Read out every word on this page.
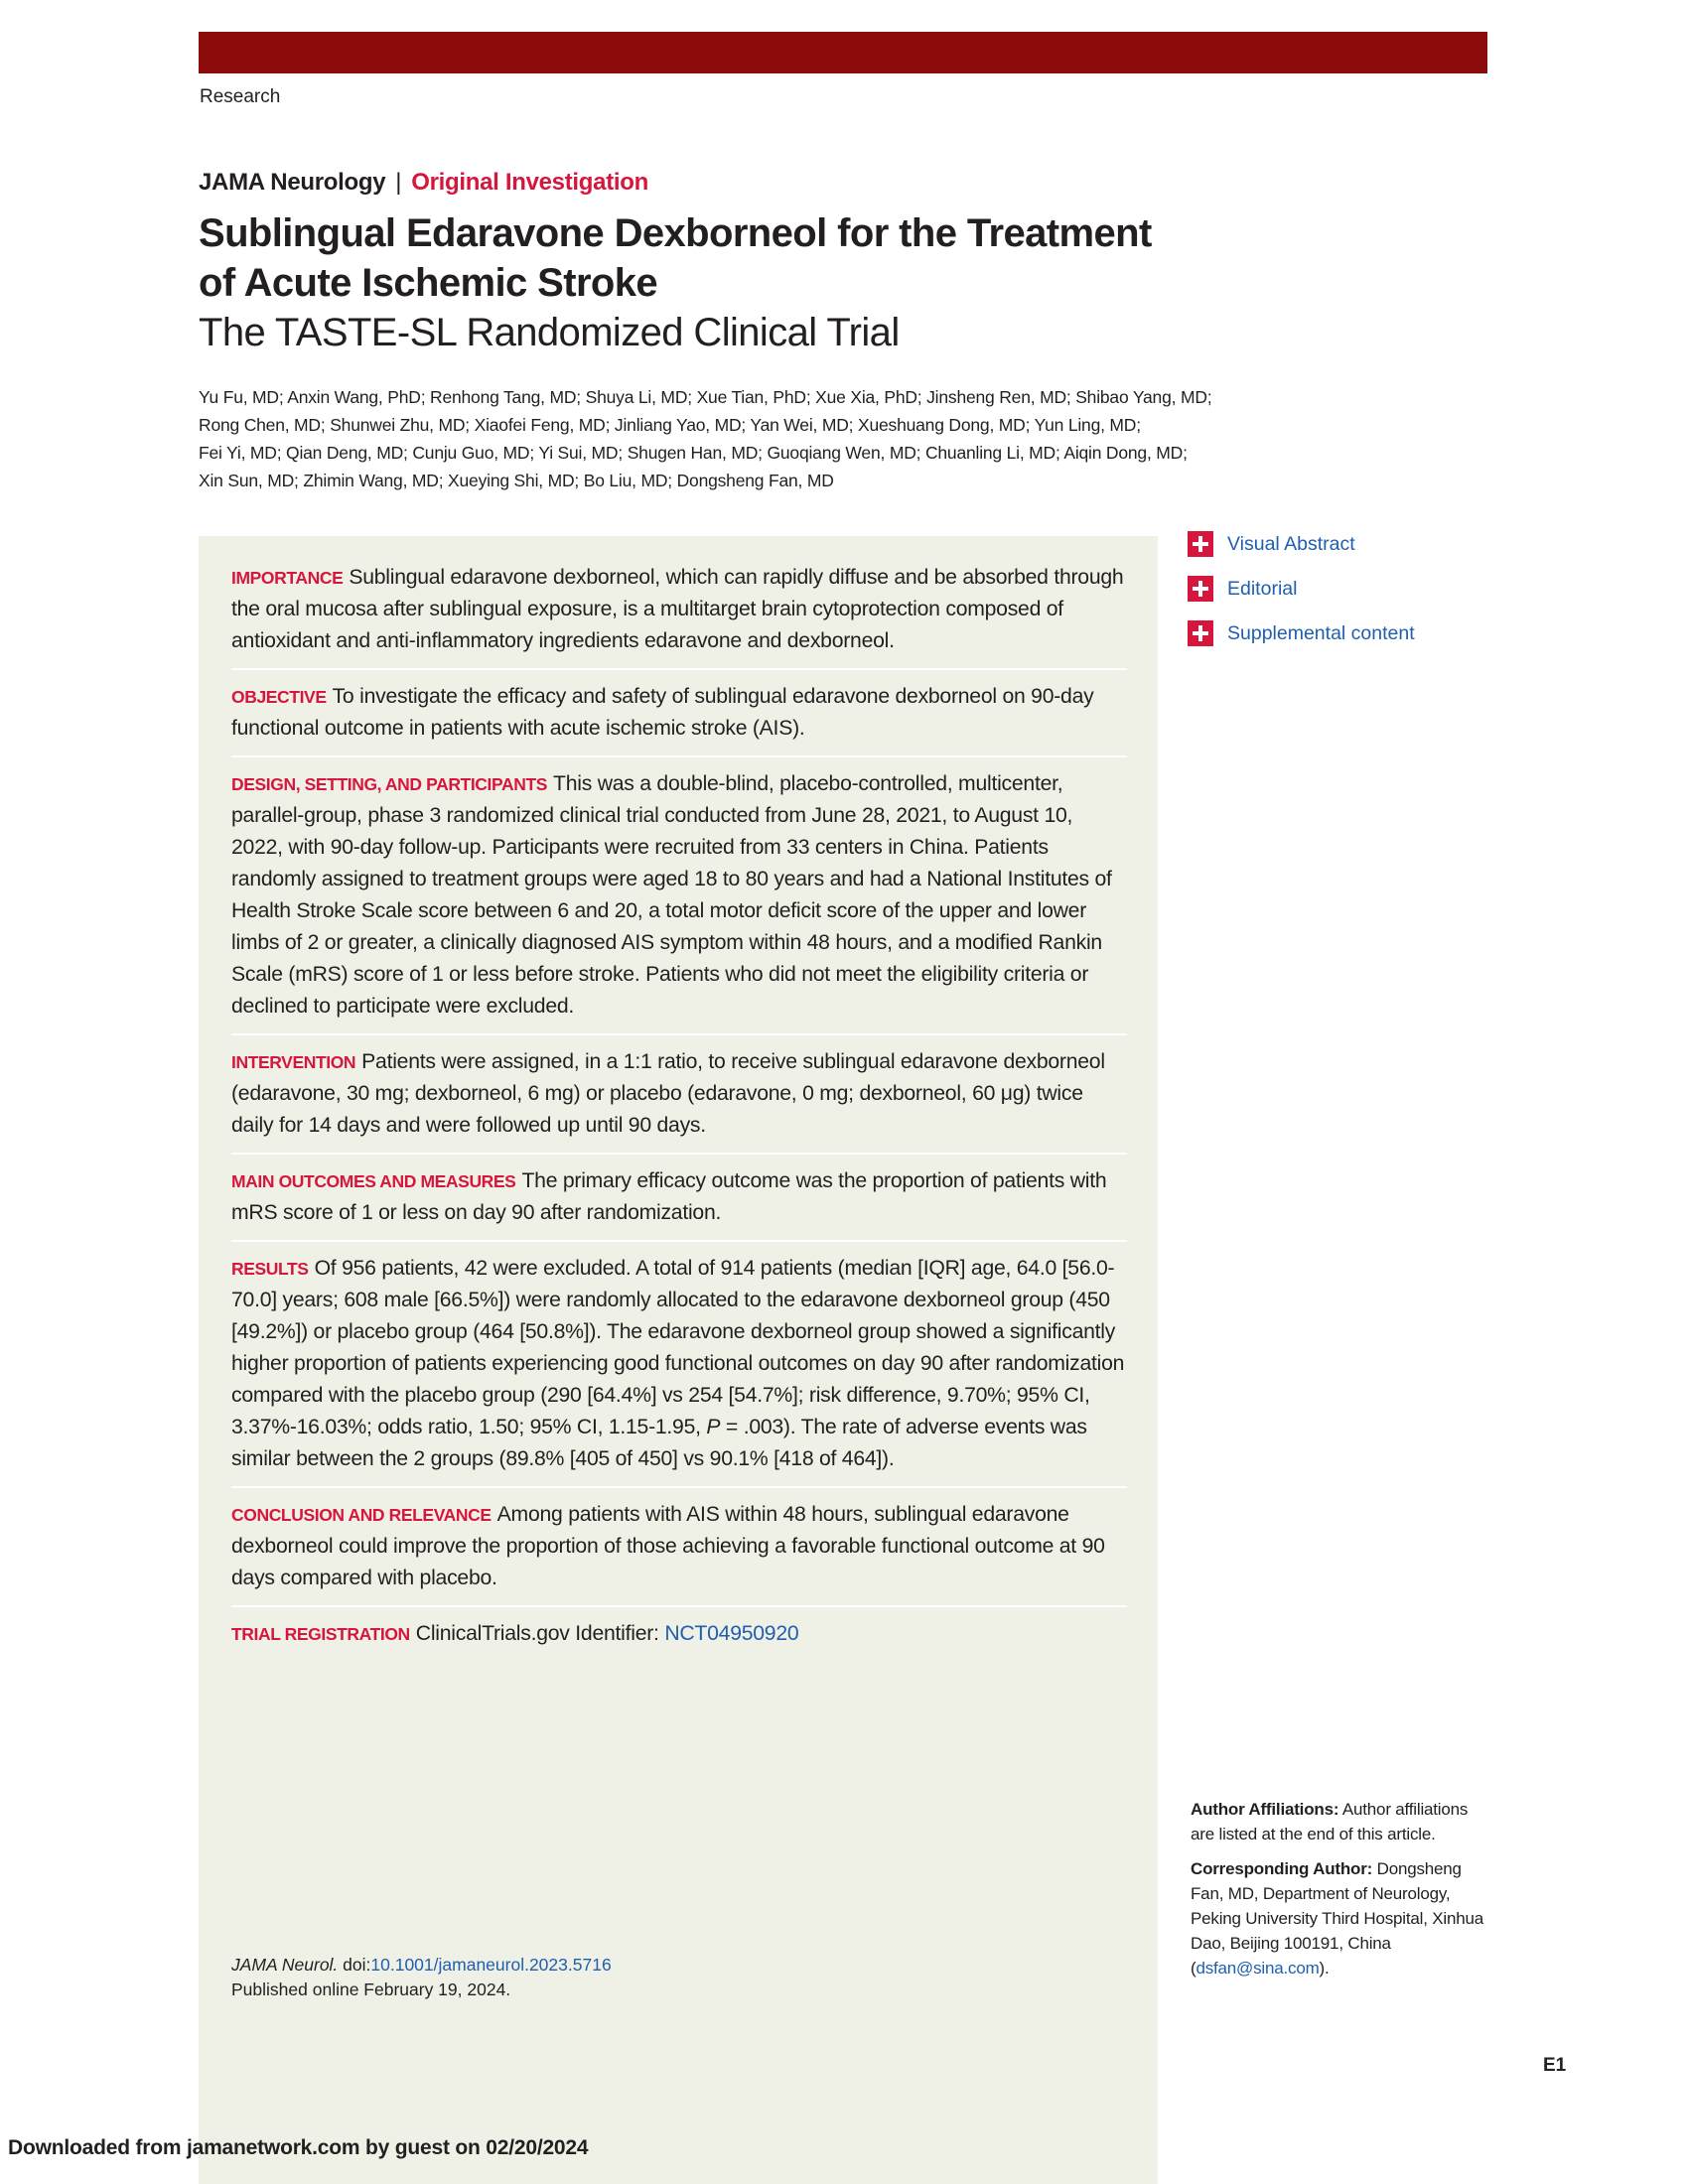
Research
JAMA Neurology | Original Investigation
Sublingual Edaravone Dexborneol for the Treatment
of Acute Ischemic Stroke
The TASTE-SL Randomized Clinical Trial
Yu Fu, MD; Anxin Wang, PhD; Renhong Tang, MD; Shuya Li, MD; Xue Tian, PhD; Xue Xia, PhD; Jinsheng Ren, MD; Shibao Yang, MD;
Rong Chen, MD; Shunwei Zhu, MD; Xiaofei Feng, MD; Jinliang Yao, MD; Yan Wei, MD; Xueshuang Dong, MD; Yun Ling, MD;
Fei Yi, MD; Qian Deng, MD; Cunju Guo, MD; Yi Sui, MD; Shugen Han, MD; Guoqiang Wen, MD; Chuanling Li, MD; Aiqin Dong, MD;
Xin Sun, MD; Zhimin Wang, MD; Xueying Shi, MD; Bo Liu, MD; Dongsheng Fan, MD
IMPORTANCE Sublingual edaravone dexborneol, which can rapidly diffuse and be absorbed through the oral mucosa after sublingual exposure, is a multitarget brain cytoprotection composed of antioxidant and anti-inflammatory ingredients edaravone and dexborneol.
OBJECTIVE To investigate the efficacy and safety of sublingual edaravone dexborneol on 90-day functional outcome in patients with acute ischemic stroke (AIS).
DESIGN, SETTING, AND PARTICIPANTS This was a double-blind, placebo-controlled, multicenter, parallel-group, phase 3 randomized clinical trial conducted from June 28, 2021, to August 10, 2022, with 90-day follow-up. Participants were recruited from 33 centers in China. Patients randomly assigned to treatment groups were aged 18 to 80 years and had a National Institutes of Health Stroke Scale score between 6 and 20, a total motor deficit score of the upper and lower limbs of 2 or greater, a clinically diagnosed AIS symptom within 48 hours, and a modified Rankin Scale (mRS) score of 1 or less before stroke. Patients who did not meet the eligibility criteria or declined to participate were excluded.
INTERVENTION Patients were assigned, in a 1:1 ratio, to receive sublingual edaravone dexborneol (edaravone, 30 mg; dexborneol, 6 mg) or placebo (edaravone, 0 mg; dexborneol, 60 μg) twice daily for 14 days and were followed up until 90 days.
MAIN OUTCOMES AND MEASURES The primary efficacy outcome was the proportion of patients with mRS score of 1 or less on day 90 after randomization.
RESULTS Of 956 patients, 42 were excluded. A total of 914 patients (median [IQR] age, 64.0 [56.0-70.0] years; 608 male [66.5%]) were randomly allocated to the edaravone dexborneol group (450 [49.2%]) or placebo group (464 [50.8%]). The edaravone dexborneol group showed a significantly higher proportion of patients experiencing good functional outcomes on day 90 after randomization compared with the placebo group (290 [64.4%] vs 254 [54.7%]; risk difference, 9.70%; 95% CI, 3.37%-16.03%; odds ratio, 1.50; 95% CI, 1.15-1.95, P = .003). The rate of adverse events was similar between the 2 groups (89.8% [405 of 450] vs 90.1% [418 of 464]).
CONCLUSION AND RELEVANCE Among patients with AIS within 48 hours, sublingual edaravone dexborneol could improve the proportion of those achieving a favorable functional outcome at 90 days compared with placebo.
TRIAL REGISTRATION ClinicalTrials.gov Identifier: NCT04950920
Visual Abstract
Editorial
Supplemental content

Author Affiliations: Author affiliations are listed at the end of this article.

Corresponding Author: Dongsheng Fan, MD, Department of Neurology, Peking University Third Hospital, Xinhua Dao, Beijing 100191, China (dsfan@sina.com).

JAMA Neurol. doi:10.1001/jamaneurol.2023.5716
Published online February 19, 2024.
E1
Downloaded from jamanetwork.com by guest on 02/20/2024
